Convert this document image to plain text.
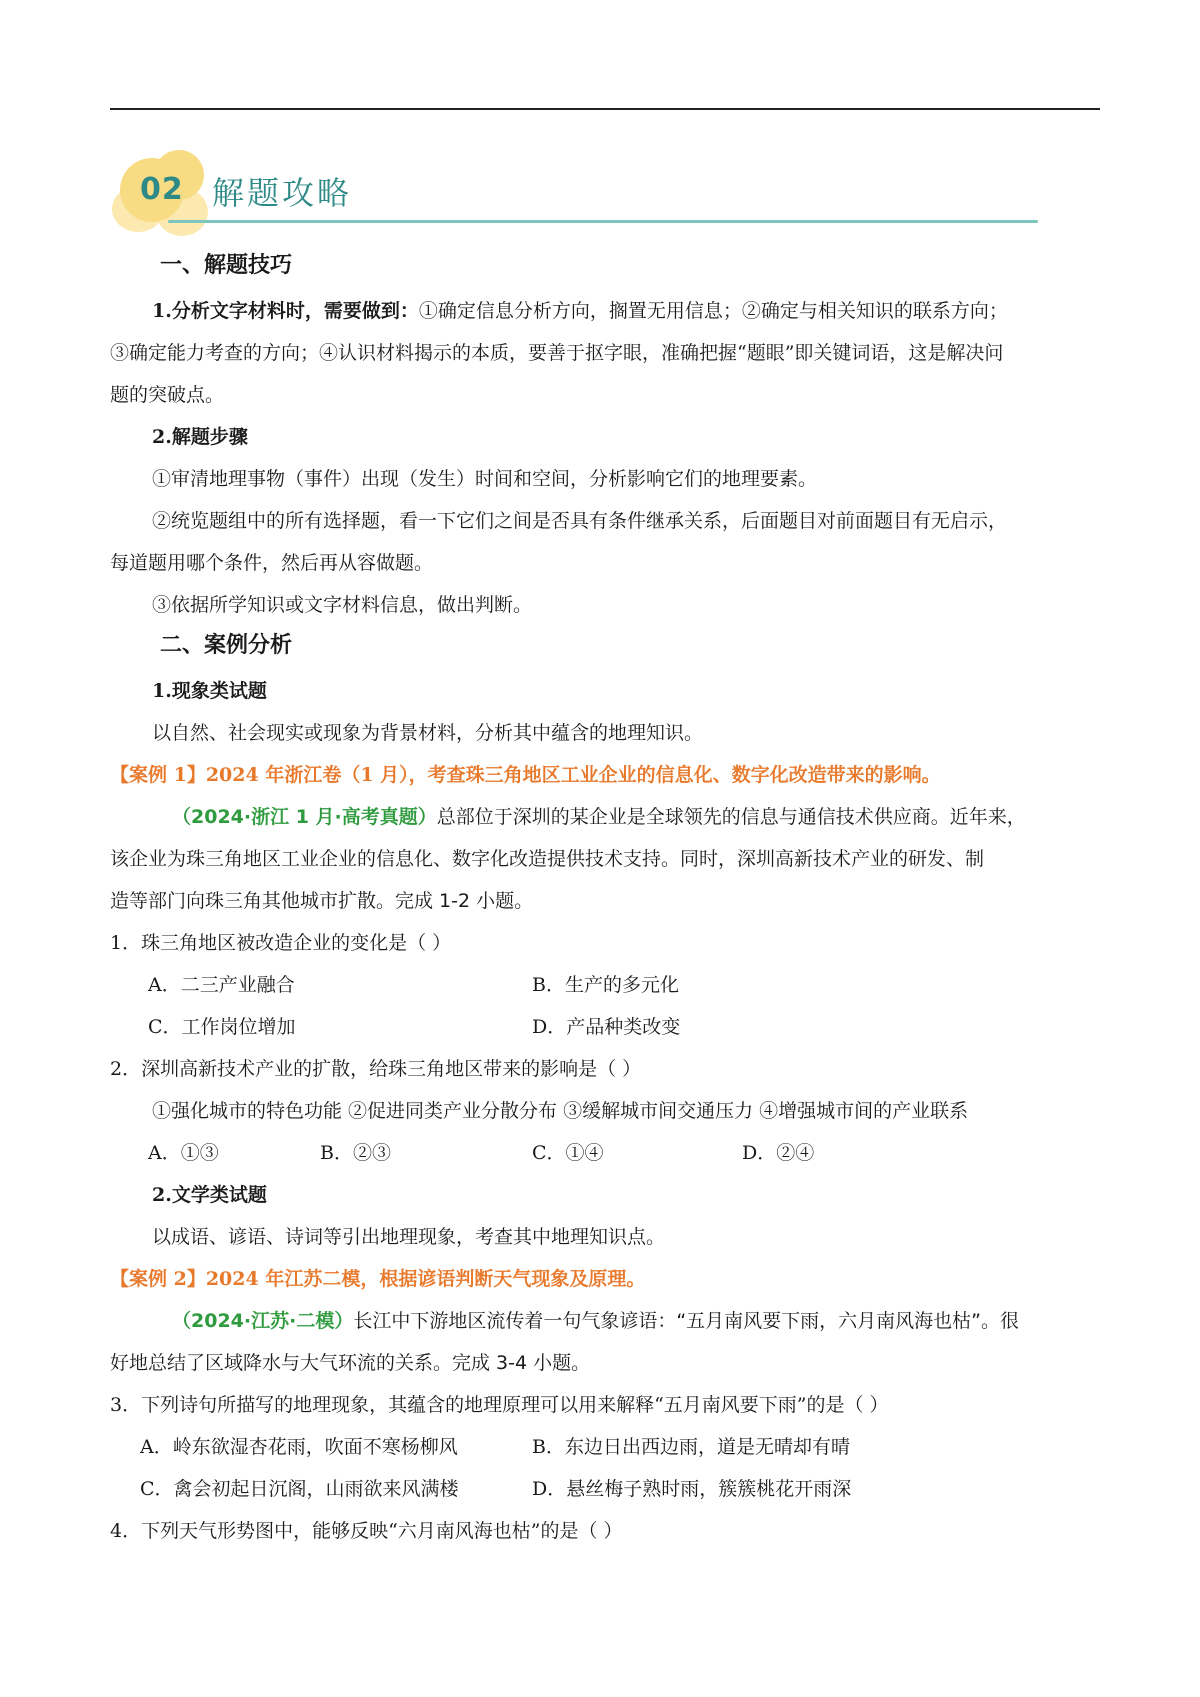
02 解题攻略
一、解题技巧
1.分析文字材料时，需要做到：①确定信息分析方向，搁置无用信息；②确定与相关知识的联系方向；
③确定能力考查的方向；④认识材料揭示的本质，要善于抠字眼，准确把握“题眼”即关键词语，这是解决问
题的突破点。
2.解题步骤
①审清地理事物（事件）出现（发生）时间和空间，分析影响它们的地理要素。
②统览题组中的所有选择题，看一下它们之间是否具有条件继承关系，后面题目对前面题目有无启示，
每道题用哪个条件，然后再从容做题。
③依据所学知识或文字材料信息，做出判断。
二、案例分析
1.现象类试题
以自然、社会现实或现象为背景材料，分析其中蕴含的地理知识。
【案例 1】2024 年浙江卷（1 月），考查珠三角地区工业企业的信息化、数字化改造带来的影响。
（2024·浙江 1 月·高考真题）总部位于深圳的某企业是全球领先的信息与通信技术供应商。近年来，
该企业为珠三角地区工业企业的信息化、数字化改造提供技术支持。同时，深圳高新技术产业的研发、制
造等部门向珠三角其他城市扩散。完成 1-2 小题。
1．珠三角地区被改造企业的变化是（ ）
A．二三产业融合	B．生产的多元化
C．工作岗位增加	D．产品种类改变
2．深圳高新技术产业的扩散，给珠三角地区带来的影响是（ ）
①强化城市的特色功能 ②促进同类产业分散分布 ③缓解城市间交通压力 ④增强城市间的产业联系
A．①③	B．②③	C．①④	D．②④
2.文学类试题
以成语、谚语、诗词等引出地理现象，考查其中地理知识点。
【案例 2】2024 年江苏二模，根据谚语判断天气现象及原理。
（2024·江苏·二模）长江中下游地区流传着一句气象谚语：“五月南风要下雨，六月南风海也枯”。很
好地总结了区域降水与大气环流的关系。完成 3-4 小题。
3．下列诗句所描写的地理现象，其蕴含的地理原理可以用来解释“五月南风要下雨”的是（ ）
A．岭东欲湿杏花雨，吹面不寒杨柳风	B．东边日出西边雨，道是无晴却有晴
C．禽会初起日沉阁，山雨欲来风满楼	D．悬丝梅子熟时雨，簇簇桃花开雨深
4．下列天气形势图中，能够反映“六月南风海也枯”的是（ ）
